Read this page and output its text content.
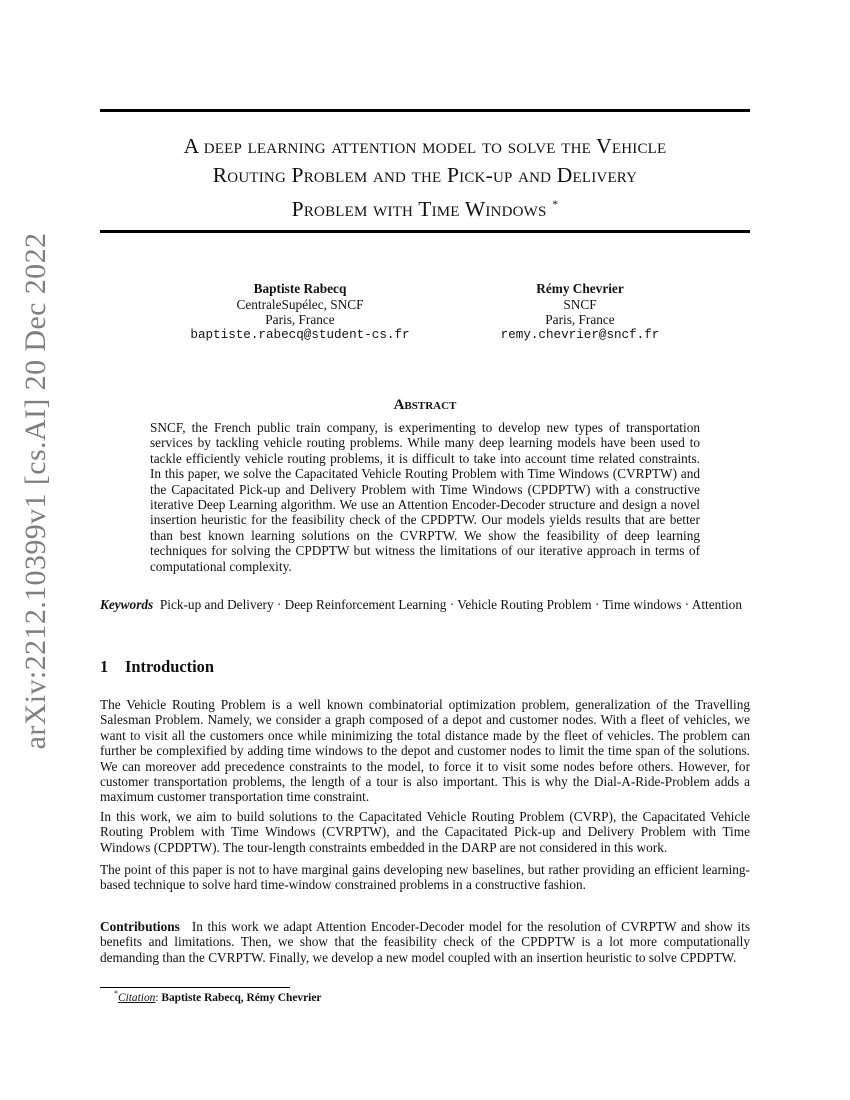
arXiv:2212.10399v1 [cs.AI] 20 Dec 2022
A deep learning attention model to solve the Vehicle
Routing Problem and the Pick-up and Delivery
Problem with Time Windows *
Baptiste Rabecq
CentraleSupélec, SNCF
Paris, France
baptiste.rabecq@student-cs.fr
Rémy Chevrier
SNCF
Paris, France
remy.chevrier@sncf.fr
Abstract
SNCF, the French public train company, is experimenting to develop new types of transportation services by tackling vehicle routing problems. While many deep learning models have been used to tackle efficiently vehicle routing problems, it is difficult to take into account time related constraints. In this paper, we solve the Capacitated Vehicle Routing Problem with Time Windows (CVRPTW) and the Capacitated Pick-up and Delivery Problem with Time Windows (CPDPTW) with a constructive iterative Deep Learning algorithm. We use an Attention Encoder-Decoder structure and design a novel insertion heuristic for the feasibility check of the CPDPTW. Our models yields results that are better than best known learning solutions on the CVRPTW. We show the feasibility of deep learning techniques for solving the CPDPTW but witness the limitations of our iterative approach in terms of computational complexity.
Keywords Pick-up and Delivery · Deep Reinforcement Learning · Vehicle Routing Problem · Time windows · Attention
1 Introduction
The Vehicle Routing Problem is a well known combinatorial optimization problem, generalization of the Travelling Salesman Problem. Namely, we consider a graph composed of a depot and customer nodes. With a fleet of vehicles, we want to visit all the customers once while minimizing the total distance made by the fleet of vehicles. The problem can further be complexified by adding time windows to the depot and customer nodes to limit the time span of the solutions. We can moreover add precedence constraints to the model, to force it to visit some nodes before others. However, for customer transportation problems, the length of a tour is also important. This is why the Dial-A-Ride-Problem adds a maximum customer transportation time constraint.
In this work, we aim to build solutions to the Capacitated Vehicle Routing Problem (CVRP), the Capacitated Vehicle Routing Problem with Time Windows (CVRPTW), and the Capacitated Pick-up and Delivery Problem with Time Windows (CPDPTW). The tour-length constraints embedded in the DARP are not considered in this work.
The point of this paper is not to have marginal gains developing new baselines, but rather providing an efficient learning-based technique to solve hard time-window constrained problems in a constructive fashion.
Contributions In this work we adapt Attention Encoder-Decoder model for the resolution of CVRPTW and show its benefits and limitations. Then, we show that the feasibility check of the CPDPTW is a lot more computationally demanding than the CVRPTW. Finally, we develop a new model coupled with an insertion heuristic to solve CPDPTW.
*Citation: Baptiste Rabecq, Rémy Chevrier
